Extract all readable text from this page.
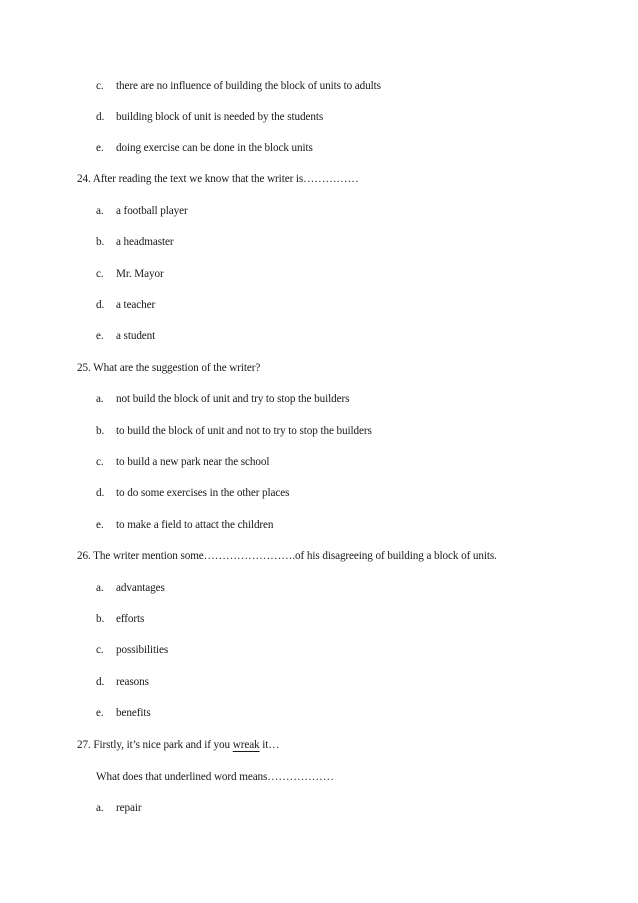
c. there are no influence of building the block of units to adults
d. building block of unit is needed by the students
e. doing exercise can be done in the block units
24. After reading the text we know that the writer is……………
a. a football player
b. a headmaster
c. Mr. Mayor
d. a teacher
e. a student
25. What are the suggestion of the writer?
a. not build the block of unit and try to stop the builders
b. to build the block of unit and not to try to stop the builders
c. to build a new park near the school
d. to do some exercises in the other places
e. to make a field to attact the children
26. The writer mention some…………………….of his disagreeing of building a block of units.
a. advantages
b. efforts
c. possibilities
d. reasons
e. benefits
27. Firstly, it’s nice park and if you wreak it…
What does that underlined word means………………
a. repair
